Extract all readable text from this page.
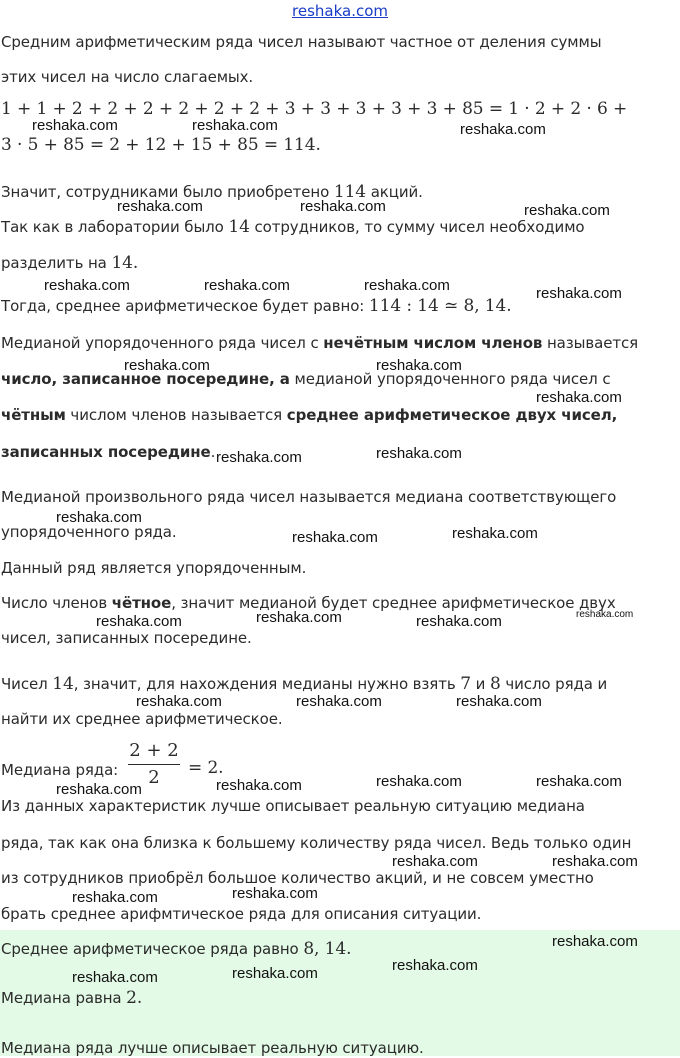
reshaka.com
Средним арифметическим ряда чисел называют частное от деления суммы
этих чисел на число слагаемых.
1 + 1 + 2 + 2 + 2 + 2 + 2 + 2 + 3 + 3 + 3 + 3 + 3 + 85 = 1 · 2 + 2 · 6 +
3 · 5 + 85 = 2 + 12 + 15 + 85 = 114.
Значит, сотрудниками было приобретено 114 акций.
Так как в лаборатории было 14 сотрудников, то сумму чисел необходимо
разделить на 14.
Тогда, среднее арифметическое будет равно: 114 : 14 ≃ 8, 14.
Медианой упорядоченного ряда чисел с нечётным числом членов называется
число, записанное посередине, а медианой упорядоченного ряда чисел с
чётным числом членов называется среднее арифметическое двух чисел,
записанных посередине.
Медианой произвольного ряда чисел называется медиана соответствующего
упорядоченного ряда.
Данный ряд является упорядоченным.
Число членов чётное, значит медианой будет среднее арифметическое двух
чисел, записанных посередине.
Чисел 14, значит, для нахождения медианы нужно взять 7 и 8 число ряда и
найти их среднее арифметическое.
Медиана ряда:
2 + 2
2	= 2.
Из данных характеристик лучше описывает реальную ситуацию медиана
ряда, так как она близка к большему количеству ряда чисел. Ведь только один
из сотрудников приобрёл большое количество акций, и не совсем уместно
брать среднее арифмтическое ряда для описания ситуации.
Среднее арифметическое ряда равно 8, 14.
Медиана равна 2.
Медиана ряда лучше описывает реальную ситуацию.
reshaka.com	reshaka.com	reshaka.com
reshaka.com	reshaka.com	reshaka.com
reshaka.com	reshaka.com	reshaka.com	reshaka.com
reshaka.com	reshaka.com
reshaka.com
reshaka.com	reshaka.com
reshaka.com
reshaka.com	reshaka.com
reshaka.com	reshaka.com	reshaka.com	reshaka.com
reshaka.com	reshaka.com	reshaka.com
reshaka.com	reshaka.com	reshaka.com	reshaka.com
reshaka.com	reshaka.com
reshaka.com	reshaka.com
reshaka.com
reshaka.com
reshaka.com	reshaka.com
